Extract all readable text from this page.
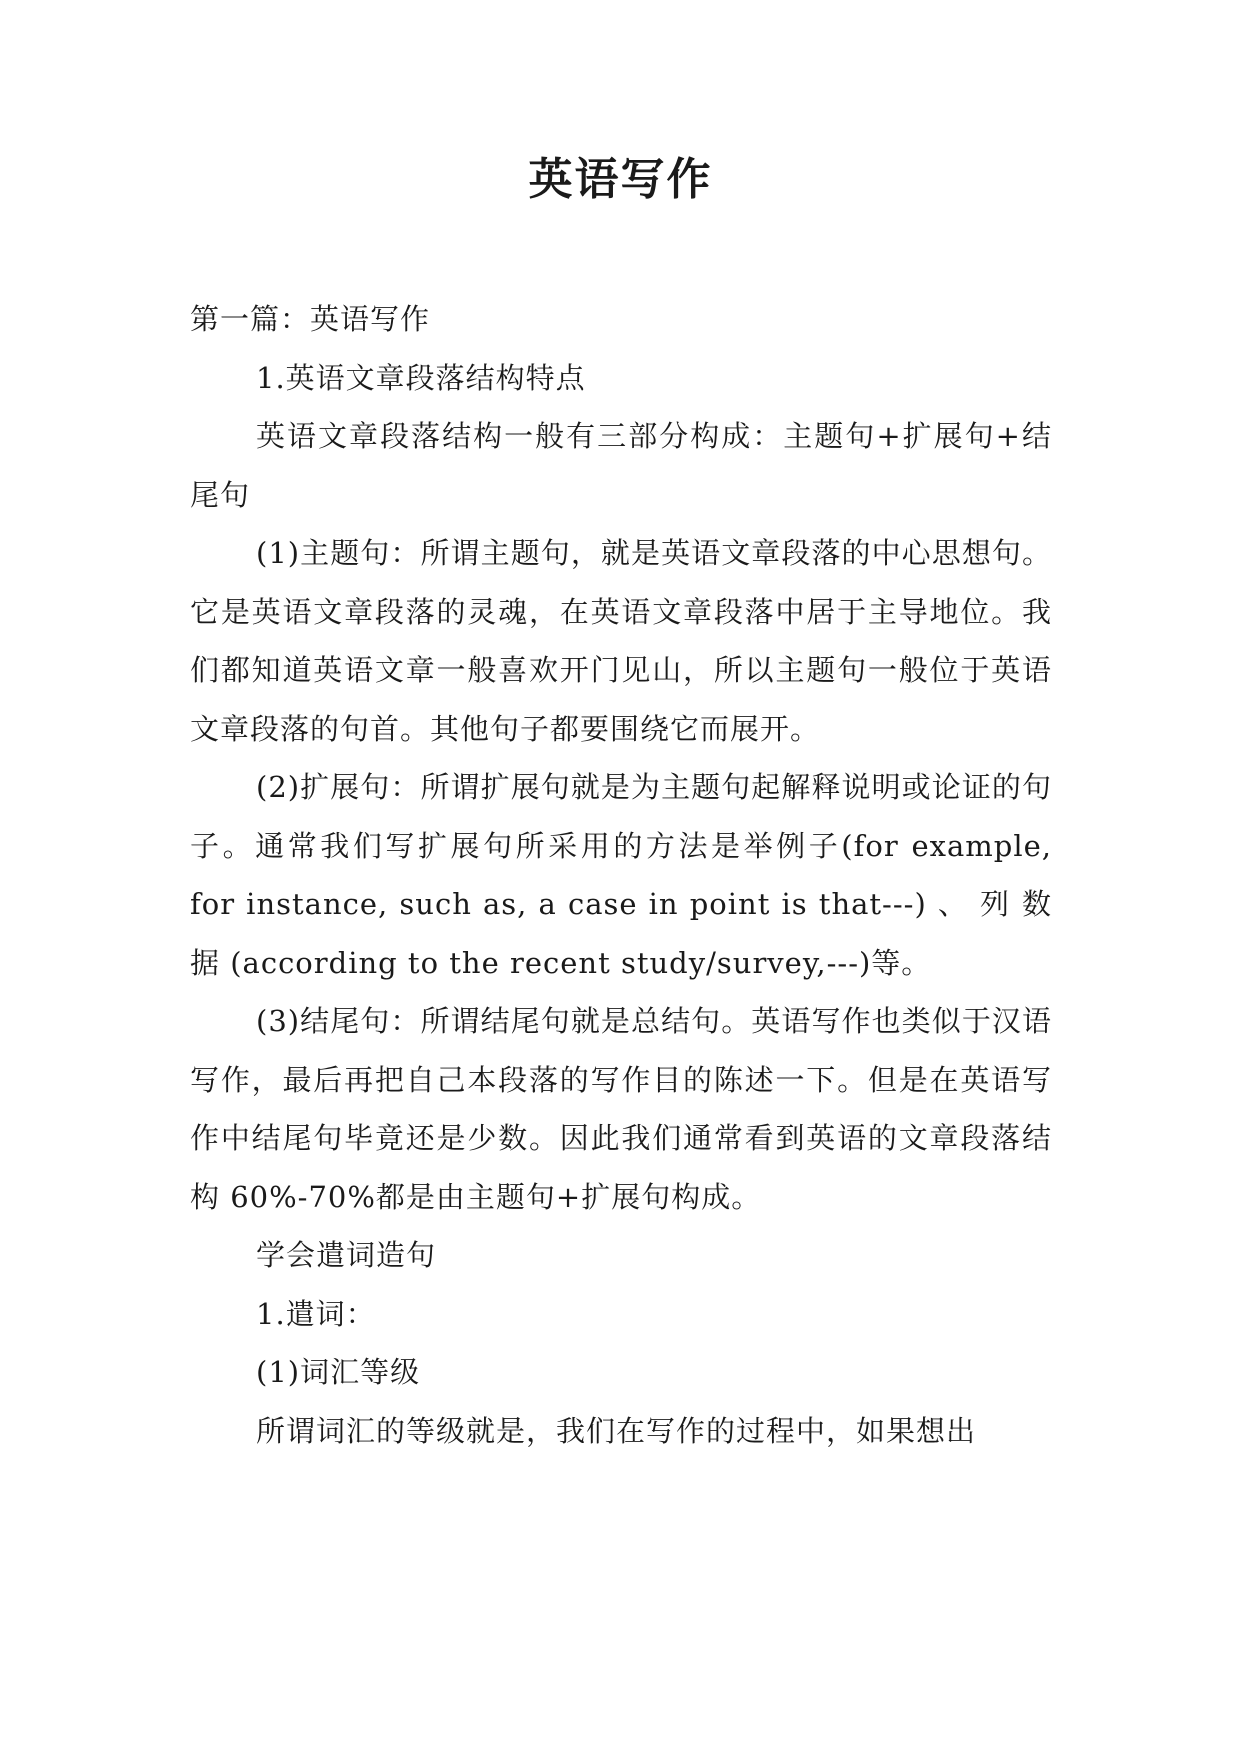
英语写作

第一篇：英语写作

1.英语文章段落结构特点

英语文章段落结构一般有三部分构成：主题句+扩展句+结尾句

(1)主题句：所谓主题句，就是英语文章段落的中心思想句。它是英语文章段落的灵魂，在英语文章段落中居于主导地位。我们都知道英语文章一般喜欢开门见山，所以主题句一般位于英语文章段落的句首。其他句子都要围绕它而展开。

(2)扩展句：所谓扩展句就是为主题句起解释说明或论证的句子。通常我们写扩展句所采用的方法是举例子(for example, for instance, such as, a case in point is that---) 、 列 数 据 (according to the recent study/survey,---)等。

(3)结尾句：所谓结尾句就是总结句。英语写作也类似于汉语写作，最后再把自己本段落的写作目的陈述一下。但是在英语写作中结尾句毕竟还是少数。因此我们通常看到英语的文章段落结构 60%-70%都是由主题句+扩展句构成。

学会遣词造句

1.遣词：

(1)词汇等级

所谓词汇的等级就是，我们在写作的过程中，如果想出
